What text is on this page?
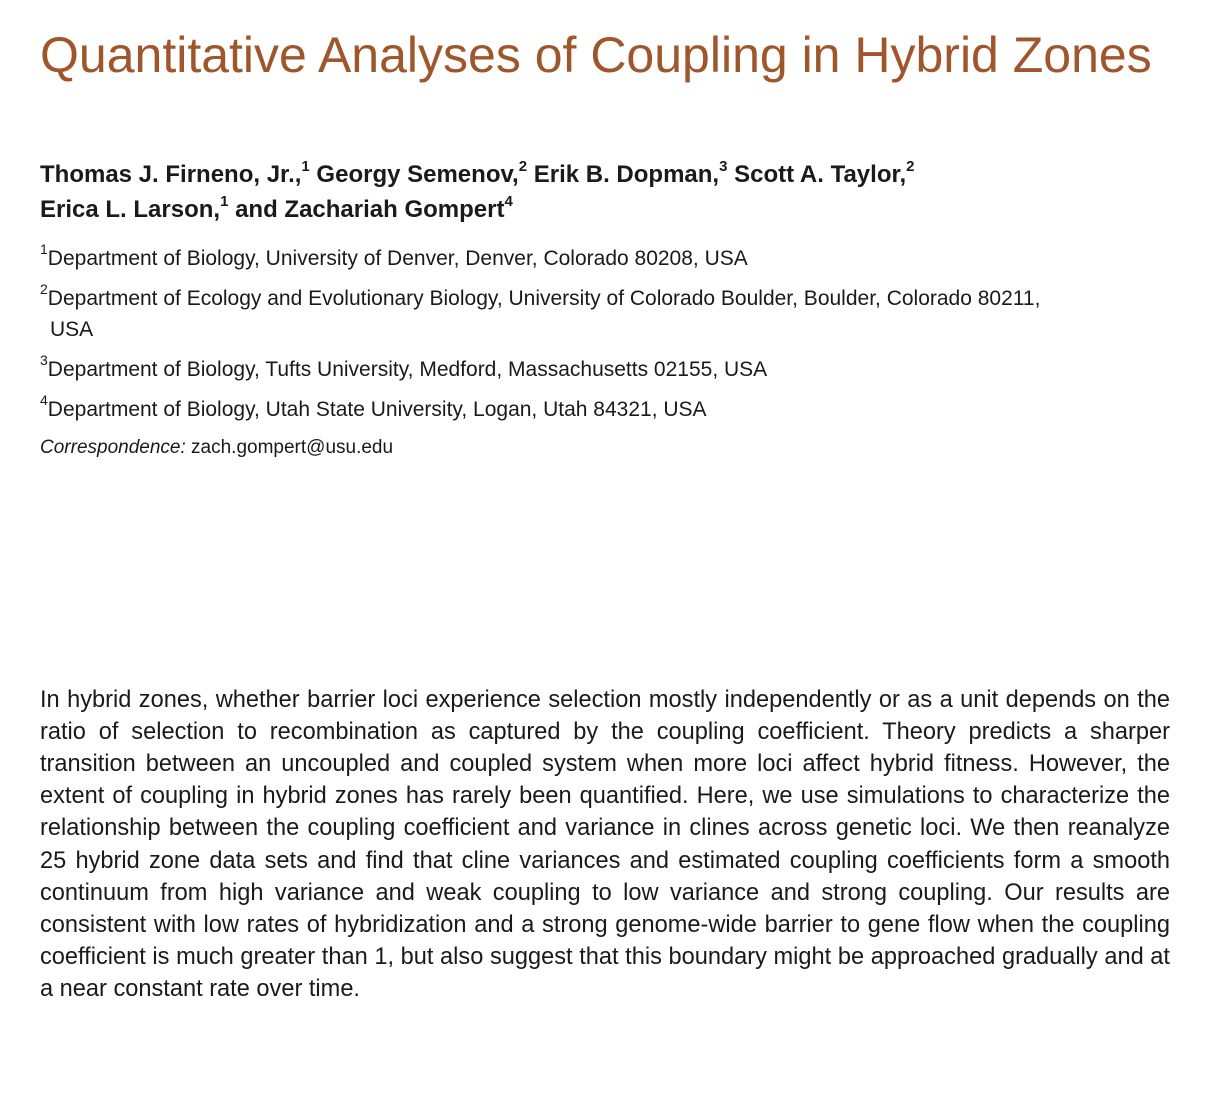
Quantitative Analyses of Coupling in Hybrid Zones
Thomas J. Firneno, Jr.,$^1$ Georgy Semenov,$^2$ Erik B. Dopman,$^3$ Scott A. Taylor,$^2$
Erica L. Larson,$^1$ and Zachariah Gompert$^4$
$^1$Department of Biology, University of Denver, Denver, Colorado 80208, USA
$^2$Department of Ecology and Evolutionary Biology, University of Colorado Boulder, Boulder, Colorado 80211, USA
$^3$Department of Biology, Tufts University, Medford, Massachusetts 02155, USA
$^4$Department of Biology, Utah State University, Logan, Utah 84321, USA
Correspondence: zach.gompert@usu.edu

In hybrid zones, whether barrier loci experience selection mostly independently or as a unit depends on the ratio of selection to recombination as captured by the coupling coefficient. Theory predicts a sharper transition between an uncoupled and coupled system when more loci affect hybrid fitness. However, the extent of coupling in hybrid zones has rarely been quantified. Here, we use simulations to characterize the relationship between the coupling coefficient and variance in clines across genetic loci. We then reanalyze 25 hybrid zone data sets and find that cline variances and estimated coupling coefficients form a smooth continuum from high variance and weak coupling to low variance and strong coupling. Our results are consistent with low rates of hybridization and a strong genome-wide barrier to gene flow when the coupling coefficient is much greater than 1, but also suggest that this boundary might be approached gradually and at a near constant rate over time.
